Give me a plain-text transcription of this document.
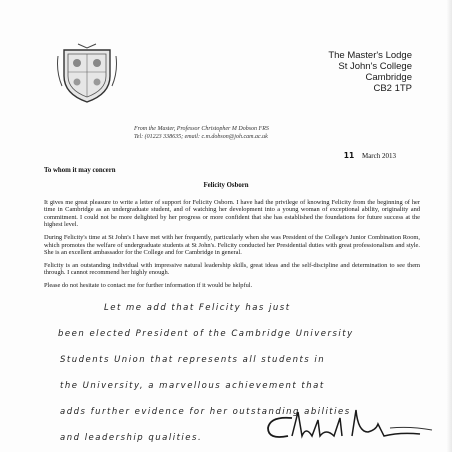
The Master's Lodge
St John's College
Cambridge
CB2 1TP
From the Master, Professor Christopher M Dobson FRS
Tel: (01223 338635; email: c.m.dobson@joh.cam.ac.uk
11 March 2013
To whom it may concern
Felicity Osborn

It gives me great pleasure to write a letter of support for Felicity Osborn. I have had the privilege of knowing Felicity from the beginning of her time in Cambridge as an undergraduate student, and of watching her development into a young woman of exceptional ability, originality and commitment. I could not be more delighted by her progress or more confident that she has established the foundations for future success at the highest level.

During Felicity's time at St John's I have met with her frequently, particularly when she was President of the College's Junior Combination Room, which promotes the welfare of undergraduate students at St John's. Felicity conducted her Presidential duties with great professionalism and style. She is an excellent ambassador for the College and for Cambridge in general.

Felicity is an outstanding individual with impressive natural leadership skills, great ideas and the self-discipline and determination to see them through. I cannot recommend her highly enough.

Please do not hesitate to contact me for further information if it would be helpful.

Let me add that Felicity has just
been elected President of the Cambridge University
Students Union that represents all students in
the University, a marvellous achievement that
adds further evidence for her outstanding abilities
and leadership qualities.
